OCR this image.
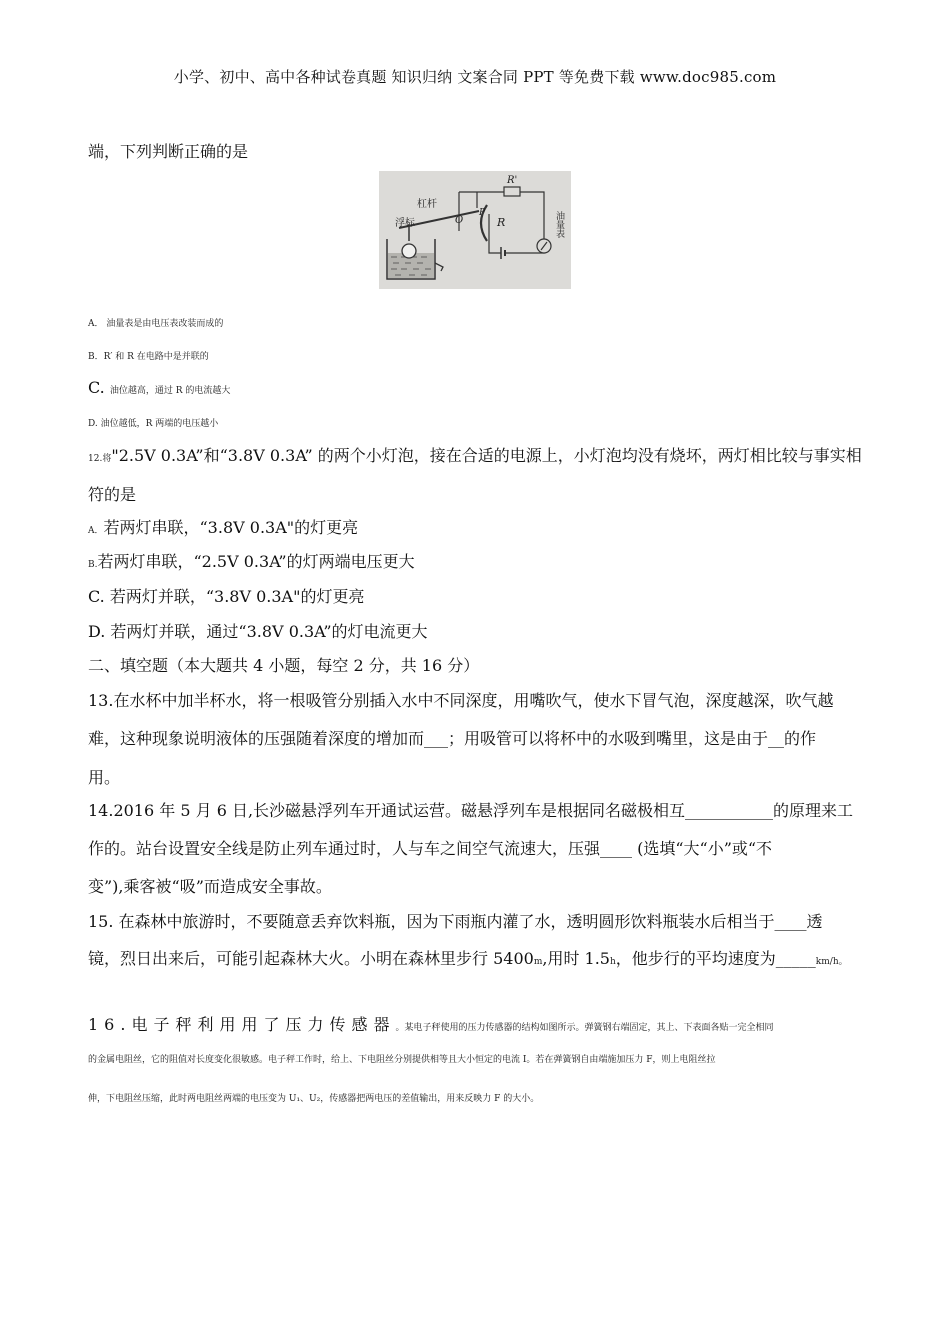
小学、初中、高中各种试卷真题 知识归纳 文案合同 PPT 等免费下载 www.doc985.com
端，下列判断正确的是
R'
杠杆
浮标	O
P
R	油量表
A． 油量表是由电压表改装而成的
B．R′ 和 R 在电路中是并联的
C. 油位越高，通过 R 的电流越大
D. 油位越低，R 两端的电压越小
12.将"2.5V 0.3A”和“3.8V 0.3A” 的两个小灯泡，接在合适的电源上，小灯泡均没有烧坏，两灯相比较与事实相
符的是
A．若两灯串联，“3.8V 0.3A"的灯更亮
B.若两灯串联，“2.5V 0.3A”的灯两端电压更大
C. 若两灯并联，“3.8V 0.3A"的灯更亮
D. 若两灯并联，通过“3.8V 0.3A”的灯电流更大
二、填空题（本大题共 4 小题，每空 2 分，共 16 分）
13.在水杯中加半杯水，将一根吸管分别插入水中不同深度，用嘴吹气，使水下冒气泡，深度越深，吹气越
难，这种现象说明液体的压强随着深度的增加而___；用吸管可以将杯中的水吸到嘴里，这是由于__的作
用。
14.2016 年 5 月 6 日,长沙磁悬浮列车开通试运营。磁悬浮列车是根据同名磁极相互___________的原理来工
作的。站台设置安全线是防止列车通过时，人与车之间空气流速大，压强____ (选填“大“小”或“不
变”),乘客被“吸”而造成安全事故。
15. 在森林中旅游时，不要随意丢弃饮料瓶，因为下雨瓶内灌了水，透明圆形饮料瓶装水后相当于____透
镜，烈日出来后，可能引起森林大火。小明在森林里步行 5400m,用时 1.5h，他步行的平均速度为_____km/h。
16.电子秤利用用了压力传感器。某电子秤使用的压力传感器的结构如图所示。弹簧钢右端固定，其上、下表面各贴一完全相同
的金属电阻丝，它的阻值对长度变化很敏感。电子秤工作时，给上、下电阻丝分别提供相等且大小恒定的电流 I。若在弹簧钢自由端施加压力 F，则上电阻丝拉
伸，下电阻丝压缩，此时两电阻丝两端的电压变为 U₁、U₂，传感器把两电压的差值输出，用来反映力 F 的大小。
